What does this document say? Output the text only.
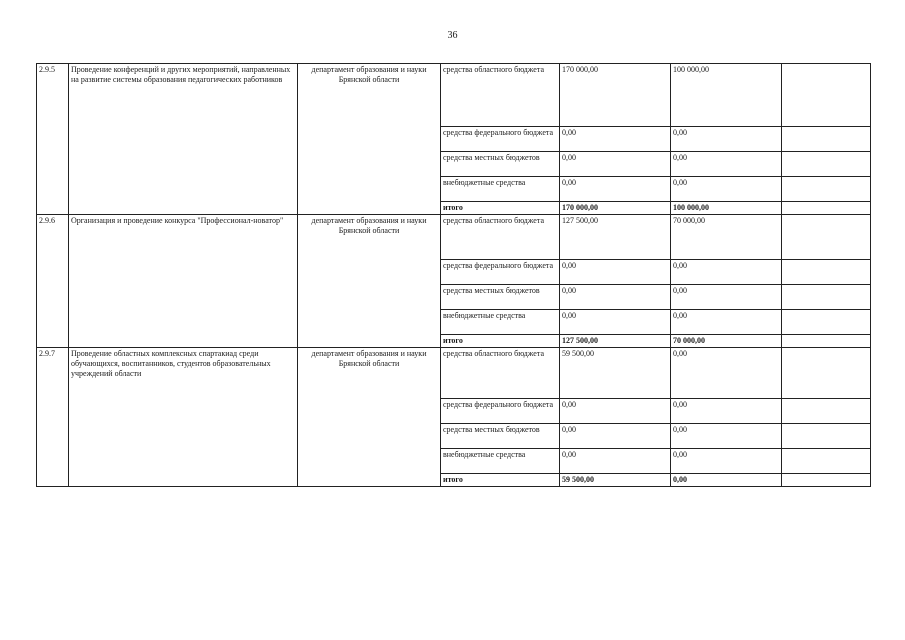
36
2.9.5	Проведение конференций и других мероприятий, направленных на развитие системы образования педагогических работников	департамент образования и науки Брянской области	средства областного бюджета	170 000,00	100 000,00	
			средства федерального бюджета	0,00	0,00	
			средства местных бюджетов	0,00	0,00	
			внебюджетные средства	0,00	0,00	
			итого	170 000,00	100 000,00	
2.9.6	Организация и проведение конкурса "Профессионал-новатор"	департамент образования и науки Брянской области	средства областного бюджета	127 500,00	70 000,00	
			средства федерального бюджета	0,00	0,00	
			средства местных бюджетов	0,00	0,00	
			внебюджетные средства	0,00	0,00	
			итого	127 500,00	70 000,00	
2.9.7	Проведение областных комплексных спартакиад среди обучающихся, воспитанников, студентов образовательных учреждений области	департамент образования и науки Брянской области	средства областного бюджета	59 500,00	0,00	
			средства федерального бюджета	0,00	0,00	
			средства местных бюджетов	0,00	0,00	
			внебюджетные средства	0,00	0,00	
			итого	59 500,00	0,00	
